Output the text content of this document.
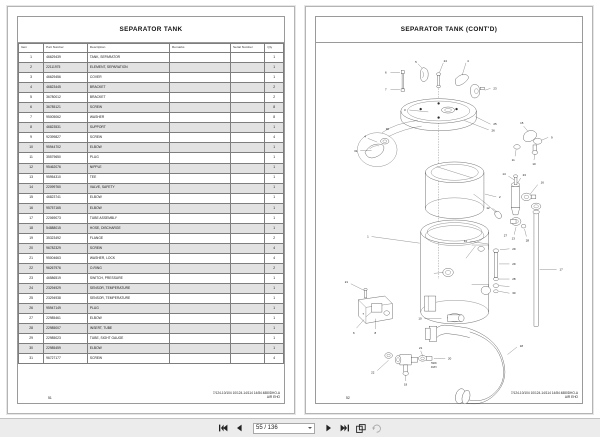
SEPARATOR TANK
Item	Part Number	Description	Remarks	Serial Number	Qty
1	46629439	TANK, SEPARATOR			1
2	22111975	ELEMENT, SEPARATION			1
3	46629456	COVER			1
4	46823445	BRACKET			2
5	36780012	BRACKET			2
6	36785121	SCREW			8
7	95005062	WASHER			8
8	46823531	SUPPORT			1
9	92399827	SCREW			4
10	95944702	ELBOW			1
11	35579650	PLUG			1
12	95462076	NIPPLE			1
13	95954310	TEE			1
14	22099760	VALVE, SAFETY			1
15	46823741	ELBOW			1
16	95757165	ELBOW			1
17	22069073	TUBE ASSEMBLY			1
18	54888015	HOSE, DISCHARGE			1
19	35323492	FLANGE			2
20	96782329	SCREW			4
21	95004663	WASHER, LOCK			4
22	96267976	O-RING			2
23	46586519	SWITCH, PRESSURE			1
24	23294929	SENSOR, TEMPERATURE			1
25	23294938	SENSOR, TEMPERATURE			1
26	95947149	PLUG			1
27	22985461	ELBOW			1
28	22985007	INSERT, TUBE			1
29	22985023	TUBE, SIGHT GAUGE			1
30	22985459	ELBOW			1
31	96727177	SCREW			4
51
7/124-10/104 10/124-14/114 14/84 4880DHO-A
AIR EHO
SEPARATOR TANK (CONT'D)
6
7
5	24	4
23
3
25
26
4
31
30
2
1
21
6	8
7
18
22
19
21
20
14	23
16
12
13	28
17
27
29
29
28
30
11
15
9
10
11
TANK
ASSY
10
52
7/124-10/104 10/124-14/114 14/84 4880DHO-A
AIR EHO
55 / 136
